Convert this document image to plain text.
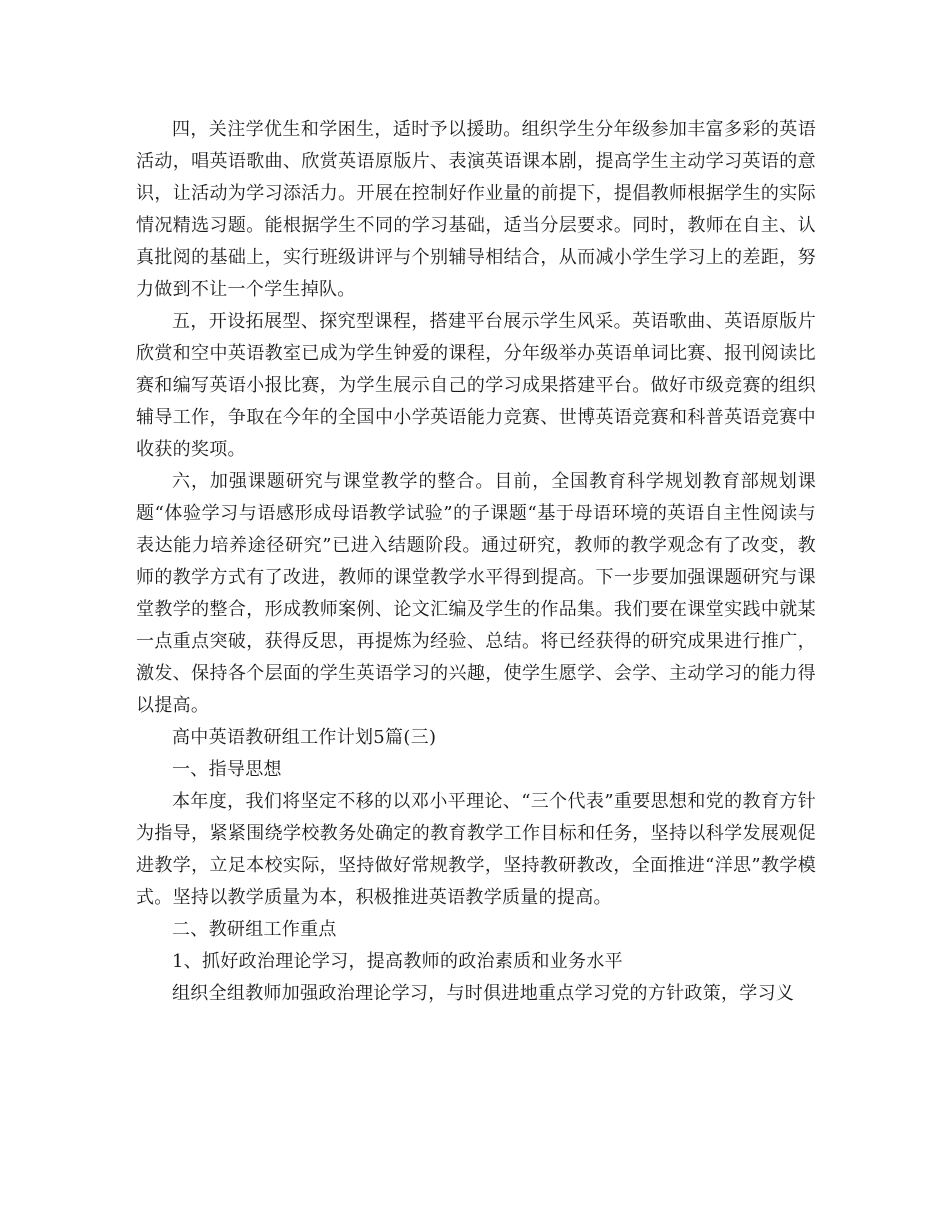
四，关注学优生和学困生，适时予以援助。组织学生分年级参加丰富多彩的英语活动，唱英语歌曲、欣赏英语原版片、表演英语课本剧，提高学生主动学习英语的意识，让活动为学习添活力。开展在控制好作业量的前提下，提倡教师根据学生的实际情况精选习题。能根据学生不同的学习基础，适当分层要求。同时，教师在自主、认真批阅的基础上，实行班级讲评与个别辅导相结合，从而减小学生学习上的差距，努力做到不让一个学生掉队。

五，开设拓展型、探究型课程，搭建平台展示学生风采。英语歌曲、英语原版片欣赏和空中英语教室已成为学生钟爱的课程，分年级举办英语单词比赛、报刊阅读比赛和编写英语小报比赛，为学生展示自己的学习成果搭建平台。做好市级竞赛的组织辅导工作，争取在今年的全国中小学英语能力竞赛、世博英语竞赛和科普英语竞赛中收获的奖项。

六，加强课题研究与课堂教学的整合。目前，全国教育科学规划教育部规划课题“体验学习与语感形成母语教学试验”的子课题“基于母语环境的英语自主性阅读与表达能力培养途径研究”已进入结题阶段。通过研究，教师的教学观念有了改变，教师的教学方式有了改进，教师的课堂教学水平得到提高。下一步要加强课题研究与课堂教学的整合，形成教师案例、论文汇编及学生的作品集。我们要在课堂实践中就某一点重点突破，获得反思，再提炼为经验、总结。将已经获得的研究成果进行推广，激发、保持各个层面的学生英语学习的兴趣，使学生愿学、会学、主动学习的能力得以提高。

高中英语教研组工作计划5篇(三)

一、指导思想

本年度，我们将坚定不移的以邓小平理论、“三个代表”重要思想和党的教育方针为指导，紧紧围绕学校教务处确定的教育教学工作目标和任务，坚持以科学发展观促进教学，立足本校实际，坚持做好常规教学，坚持教研教改，全面推进“洋思”教学模式。坚持以教学质量为本，积极推进英语教学质量的提高。

二、教研组工作重点

1、抓好政治理论学习，提高教师的政治素质和业务水平

组织全组教师加强政治理论学习，与时俱进地重点学习党的方针政策，学习义
